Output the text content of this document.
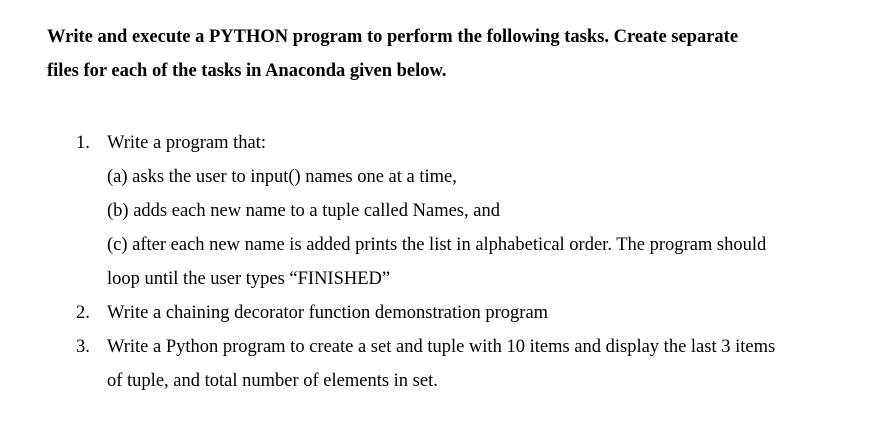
Write and execute a PYTHON program to perform the following tasks. Create separate
files for each of the tasks in Anaconda given below.
1. Write a program that:
(a) asks the user to input() names one at a time,
(b) adds each new name to a tuple called Names, and
(c) after each new name is added prints the list in alphabetical order. The program should
loop until the user types “FINISHED”
2. Write a chaining decorator function demonstration program
3. Write a Python program to create a set and tuple with 10 items and display the last 3 items
of tuple, and total number of elements in set.
